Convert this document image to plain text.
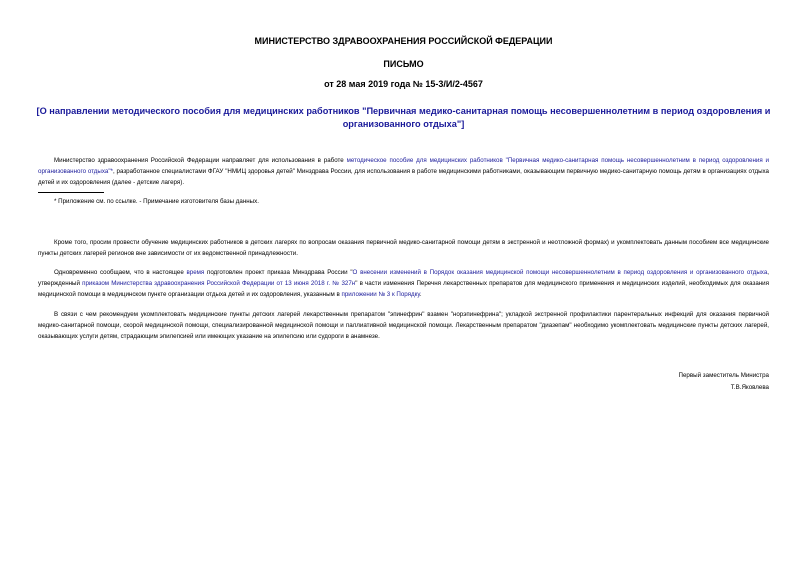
МИНИСТЕРСТВО ЗДРАВООХРАНЕНИЯ РОССИЙСКОЙ ФЕДЕРАЦИИ
ПИСЬМО
от 28 мая 2019 года № 15-3/И/2-4567
[О направлении методического пособия для медицинских работников "Первичная медико-санитарная помощь несовершеннолетним в период оздоровления и организованного отдыха"]
Министерство здравоохранения Российской Федерации направляет для использования в работе методическое пособие для медицинских работников "Первичная медико-санитарная помощь несовершеннолетним в период оздоровления и организованного отдыха"*, разработанное специалистами ФГАУ "НМИЦ здоровья детей" Минздрава России, для использования в работе медицинскими работниками, оказывающим первичную медико-санитарную помощь детям в организациях отдыха детей и их оздоровления (далее - детские лагеря).
* Приложение см. по ссылке. - Примечание изготовителя базы данных.
Кроме того, просим провести обучение медицинских работников в детских лагерях по вопросам оказания первичной медико-санитарной помощи детям в экстренной и неотложной формах) и укомплектовать данным пособием все медицинские пункты детских лагерей регионов вне зависимости от их ведомственной принадлежности.
Одновременно сообщаем, что в настоящее время подготовлен проект приказа Минздрава России "О внесении изменений в Порядок оказания медицинской помощи несовершеннолетним в период оздоровления и организованного отдыха, утвержденный приказом Министерства здравоохранения Российской Федерации от 13 июня 2018 г. № 327н" в части изменения Перечня лекарственных препаратов для медицинского применения и медицинских изделий, необходимых для оказания медицинской помощи в медицинском пункте организации отдыха детей и их оздоровления, указанным в приложении № 3 к Порядку.
В связи с чем рекомендуем укомплектовать медицинские пункты детских лагерей лекарственным препаратом "эпинефрин" взамен "норэпинефрина"; укладкой экстренной профилактики парентеральных инфекций для оказания первичной медико-санитарной помощи, скорой медицинской помощи, специализированной медицинской помощи и паллиативной медицинской помощи. Лекарственным препаратом "диазепам" необходимо укомплектовать медицинские пункты детских лагерей, оказывающих услуги детям, страдающим эпилепсией или имеющих указание на эпилепсию или судороги в анамнезе.
Первый заместитель Министра
Т.В.Яковлева
